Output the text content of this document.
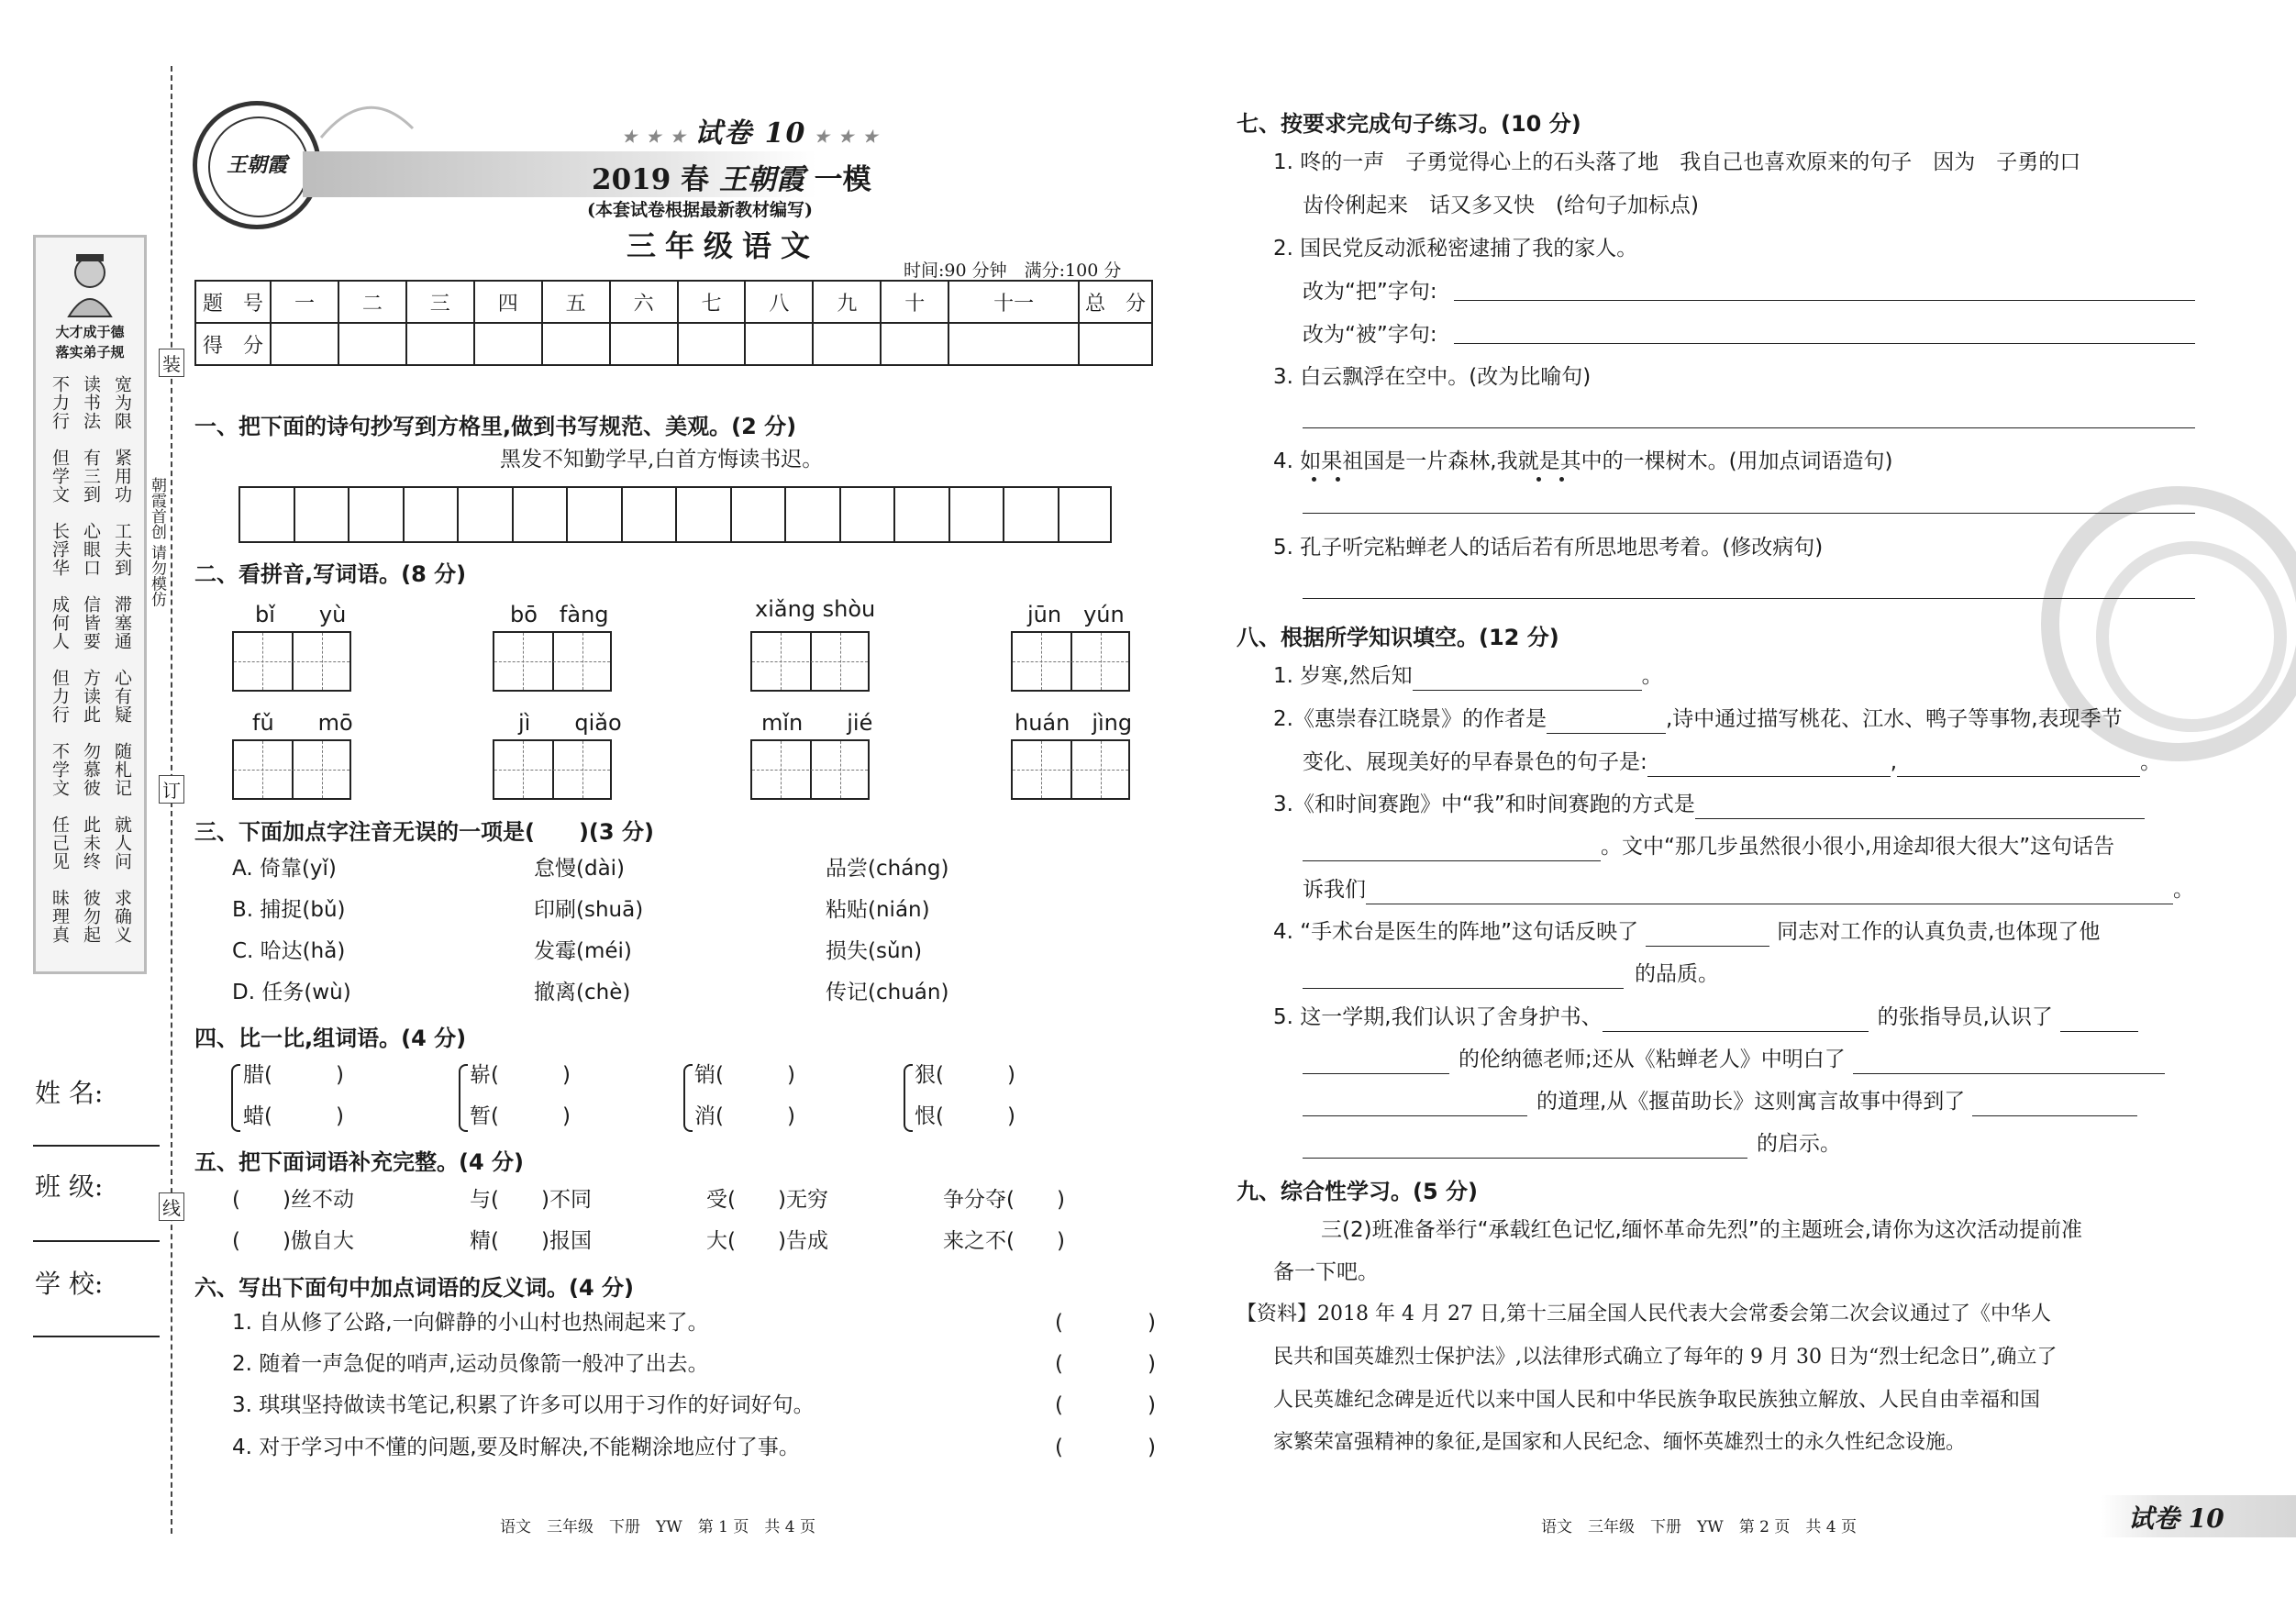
装
订
线
朝霞首创 请勿模仿
大才成于德
落实弟子规
宽为限
紧用功
工夫到
滞塞通
心有疑
随札记
就人问
求确义
读书法
有三到
心眼口
信皆要
方读此
勿慕彼
此未终
彼勿起
不力行
但学文
长浮华
成何人
但力行
不学文
任己见
昧理真
姓 名:
班 级:
学 校:
王朝霞
★ ★ ★ 试卷 10 ★ ★ ★
2019 春 王朝霞 一模
(本套试卷根据最新教材编写)
三年级语文
时间:90 分钟　满分:100 分
题　号	一	二	三	四	五	六	七	八	九	十	十一	总　分
得　分												
一、把下面的诗句抄写到方格里,做到书写规范、美观。(2 分)
黑发不知勤学早,白首方悔读书迟。
二、看拼音,写词语。(8 分)
bǐ　　yù	bō　fàng	xiǎng shòu	jūn　yún
fǔ　　mō	jì　　qiǎo	mǐn　　jié	huán　jìng
三、下面加点字注音无误的一项是(　　)(3 分)
A. 倚靠(yǐ)	怠慢(dài)	品尝(cháng)
B. 捕捉(bǔ)	印刷(shuā)	粘贴(nián)
C. 哈达(hǎ)	发霉(méi)	损失(sǔn)
D. 任务(wù)	撤离(chè)	传记(chuán)
四、比一比,组词语。(4 分)
腊(　　　)
蜡(　　　)
崭(　　　)
暂(　　　)
销(　　　)
消(　　　)
狠(　　　)
恨(　　　)
五、把下面词语补充完整。(4 分)
(　　)丝不动	与(　　)不同	受(　　)无穷	争分夺(　　)
(　　)傲自大	精(　　)报国	大(　　)告成	来之不(　　)
六、写出下面句中加点词语的反义词。(4 分)
1. 自从修了公路,一向僻静的小山村也热闹起来了。	(　　　　)
2. 随着一声急促的哨声,运动员像箭一般冲了出去。	(　　　　)
3. 琪琪坚持做读书笔记,积累了许多可以用于习作的好词好句。	(　　　　)
4. 对于学习中不懂的问题,要及时解决,不能糊涂地应付了事。	(　　　　)
语文　三年级　下册　YW　第 1 页　共 4 页
七、按要求完成句子练习。(10 分)
1. 咚的一声　子勇觉得心上的石头落了地　我自己也喜欢原来的句子　因为　子勇的口
齿伶俐起来　话又多又快　(给句子加标点)
2. 国民党反动派秘密逮捕了我的家人。
改为“把”字句:
改为“被”字句:
3. 白云飘浮在空中。(改为比喻句)
4. 如果祖国是一片森林,我就是其中的一棵树木。(用加点词语造句)
5. 孔子听完粘蝉老人的话后若有所思地思考着。(修改病句)
八、根据所学知识填空。(12 分)
1. 岁寒,然后知	。
2.《惠崇春江晓景》的作者是	,诗中通过描写桃花、江水、鸭子等事物,表现季节
变化、展现美好的早春景色的句子是:	,	。
3.《和时间赛跑》中“我”和时间赛跑的方式是
。文中“那几步虽然很小很小,用途却很大很大”这句话告
诉我们	。
4. “手术台是医生的阵地”这句话反映了	同志对工作的认真负责,也体现了他
的品质。
5. 这一学期,我们认识了舍身护书、	的张指导员,认识了
的伦纳德老师;还从《粘蝉老人》中明白了
的道理,从《揠苗助长》这则寓言故事中得到了
的启示。
九、综合性学习。(5 分)
三(2)班准备举行“承载红色记忆,缅怀革命先烈”的主题班会,请你为这次活动提前准
备一下吧。
【资料】2018 年 4 月 27 日,第十三届全国人民代表大会常委会第二次会议通过了《中华人
民共和国英雄烈士保护法》,以法律形式确立了每年的 9 月 30 日为“烈士纪念日”,确立了
人民英雄纪念碑是近代以来中国人民和中华民族争取民族独立解放、人民自由幸福和国
家繁荣富强精神的象征,是国家和人民纪念、缅怀英雄烈士的永久性纪念设施。
语文　三年级　下册　YW　第 2 页　共 4 页	试卷 10
